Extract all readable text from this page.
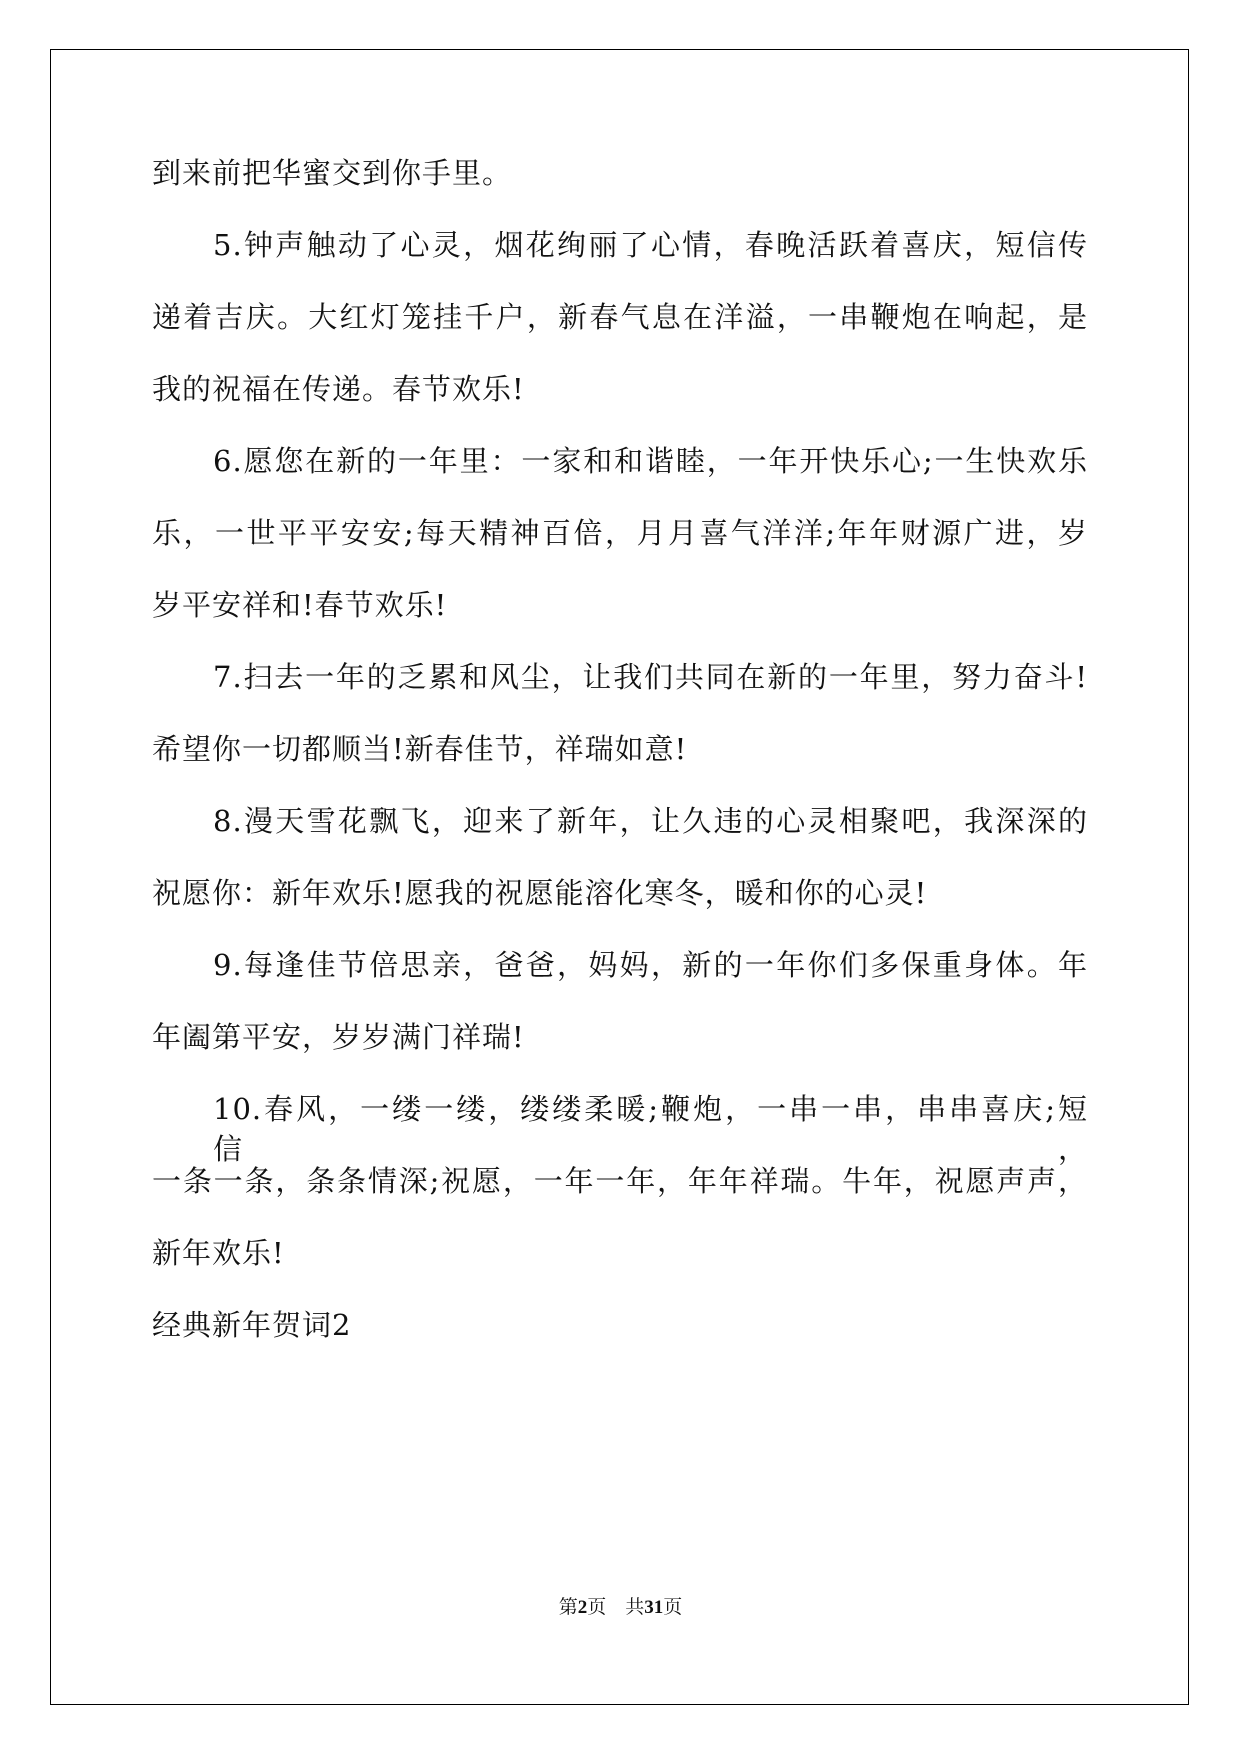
到来前把华蜜交到你手里。

5.钟声触动了心灵，烟花绚丽了心情，春晚活跃着喜庆，短信传

递着吉庆。大红灯笼挂千户，新春气息在洋溢，一串鞭炮在响起，是

我的祝福在传递。春节欢乐!

6.愿您在新的一年里：一家和和谐睦，一年开快乐心;一生快欢乐

乐，一世平平安安;每天精神百倍，月月喜气洋洋;年年财源广进，岁

岁平安祥和!春节欢乐!

7.扫去一年的乏累和风尘，让我们共同在新的一年里，努力奋斗!

希望你一切都顺当!新春佳节，祥瑞如意!

8.漫天雪花飘飞，迎来了新年，让久违的心灵相聚吧，我深深的

祝愿你：新年欢乐!愿我的祝愿能溶化寒冬，暖和你的心灵!

9.每逢佳节倍思亲，爸爸，妈妈，新的一年你们多保重身体。年

年阖第平安，岁岁满门祥瑞!

10.春风，一缕一缕，缕缕柔暖;鞭炮，一串一串，串串喜庆;短信，

一条一条，条条情深;祝愿，一年一年，年年祥瑞。牛年，祝愿声声，

新年欢乐!

经典新年贺词2

第2页 共31页
